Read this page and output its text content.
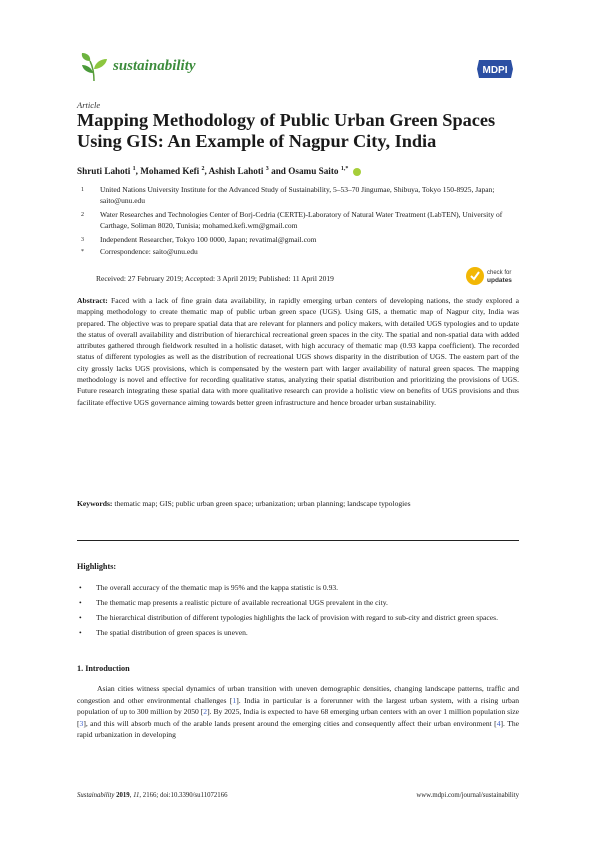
sustainability	MDPI
Article
Mapping Methodology of Public Urban Green Spaces Using GIS: An Example of Nagpur City, India
Shruti Lahoti $^1$, Mohamed Kefi $^2$, Ashish Lahoti $^3$ and Osamu Saito $^{1,*}$
1	United Nations University Institute for the Advanced Study of Sustainability, 5–53–70 Jingumae, Shibuya, Tokyo 150-8925, Japan; saito@unu.edu
2	Water Researches and Technologies Center of Borj-Cedria (CERTE)-Laboratory of Natural Water Treatment (LabTEN), University of Carthage, Soliman 8020, Tunisia; mohamed.kefi.wm@gmail.com
3	Independent Researcher, Tokyo 100 0000, Japan; revatimal@gmail.com
*	Correspondence: saito@unu.edu
Received: 27 February 2019; Accepted: 3 April 2019; Published: 11 April 2019
check for
updates
Abstract: Faced with a lack of fine grain data availability, in rapidly emerging urban centers of developing nations, the study explored a mapping methodology to create thematic map of public urban green space (UGS). Using GIS, a thematic map of Nagpur city, India was prepared. The objective was to prepare spatial data that are relevant for planners and policy makers, with detailed UGS typologies and to update the status of overall availability and distribution of hierarchical recreational green spaces in the city. The spatial and non-spatial data with added attributes gathered through fieldwork resulted in a holistic dataset, with high accuracy of thematic map (0.93 kappa coefficient). The recorded status of different typologies as well as the distribution of recreational UGS shows disparity in the distribution of UGS. The eastern part of the city grossly lacks UGS provisions, which is compensated by the western part with larger availability of natural green spaces. The mapping methodology is novel and effective for recording qualitative status, analyzing their spatial distribution and prioritizing the provisions of UGS. Future research integrating these spatial data with more qualitative research can provide a holistic view on benefits of UGS provisions and thus facilitate effective UGS governance aiming towards better green infrastructure and hence broader urban sustainability.
Keywords: thematic map; GIS; public urban green space; urbanization; urban planning; landscape typologies
Highlights:
• The overall accuracy of the thematic map is 95% and the kappa statistic is 0.93.
• The thematic map presents a realistic picture of available recreational UGS prevalent in the city.
• The hierarchical distribution of different typologies highlights the lack of provision with regard to sub-city and district green spaces.
• The spatial distribution of green spaces is uneven.
1. Introduction
Asian cities witness special dynamics of urban transition with uneven demographic densities, changing landscape patterns, traffic and congestion and other environmental challenges [1]. India in particular is a forerunner with the largest urban system, with a rising urban population of up to 300 million by 2050 [2]. By 2025, India is expected to have 68 emerging urban centers with an over 1 million population size [3], and this will absorb much of the arable lands present around the emerging cities and consequently affect their urban environment [4]. The rapid urbanization in developing
Sustainability 2019, 11, 2166; doi:10.3390/su11072166	www.mdpi.com/journal/sustainability
